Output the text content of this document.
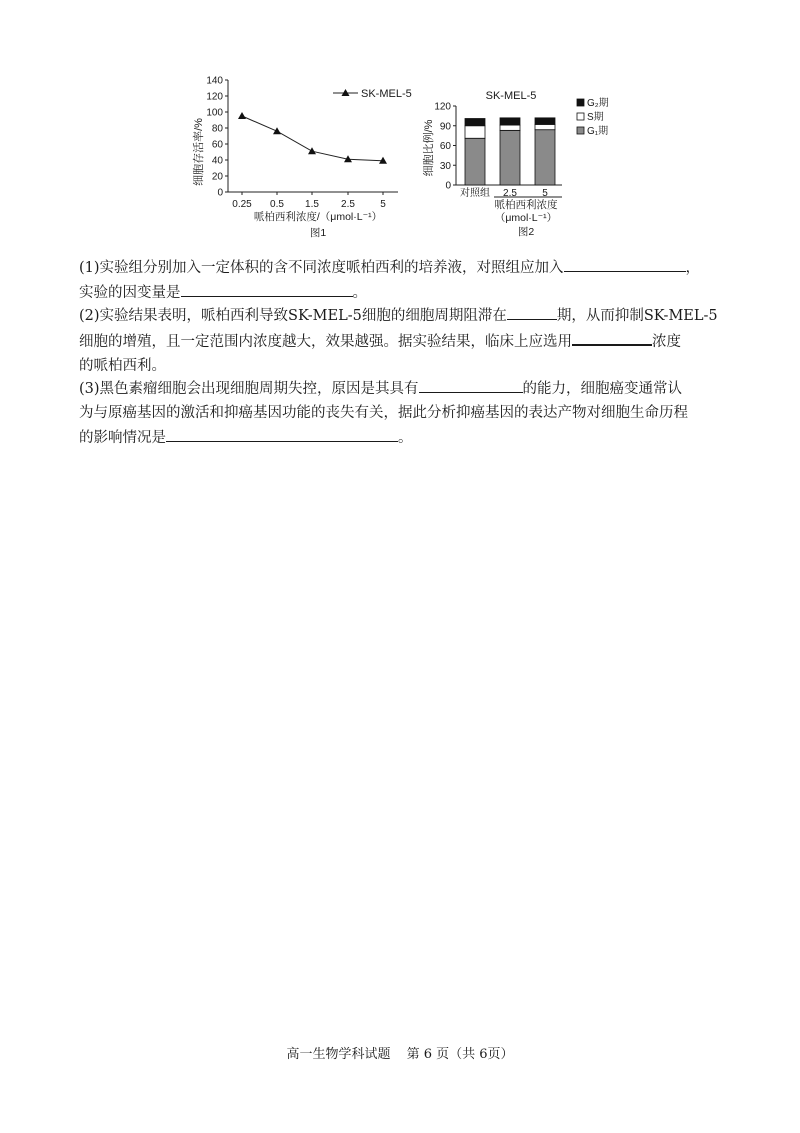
细胞存活率/%
0
20
40
60
80
100
120
140
0.25 0.5 1.5 2.5	5
SK-MEL-5
哌柏西利浓度/（μmol·L⁻¹）
图1
细胞比例/%
SK-MEL-5
0
30
60
90
120
对照组 2.5	5
哌柏西利浓度
（μmol·L⁻¹）
图2
G₂期
S期
G₁期
(1)实验组分别加入一定体积的含不同浓度哌柏西利的培养液，对照组应加入	，
实验的因变量是	。
(2)实验结果表明，哌柏西利导致SK-MEL-5细胞的细胞周期阻滞在	期，从而抑制SK-MEL-5
细胞的增殖，且一定范围内浓度越大，效果越强。据实验结果，临床上应选用	浓度
的哌柏西利。
(3)黑色素瘤细胞会出现细胞周期失控，原因是其具有	的能力，细胞癌变通常认
为与原癌基因的激活和抑癌基因功能的丧失有关，据此分析抑癌基因的表达产物对细胞生命历程
的影响情况是	。
高一生物学科试题 第 6 页（共 6页）
